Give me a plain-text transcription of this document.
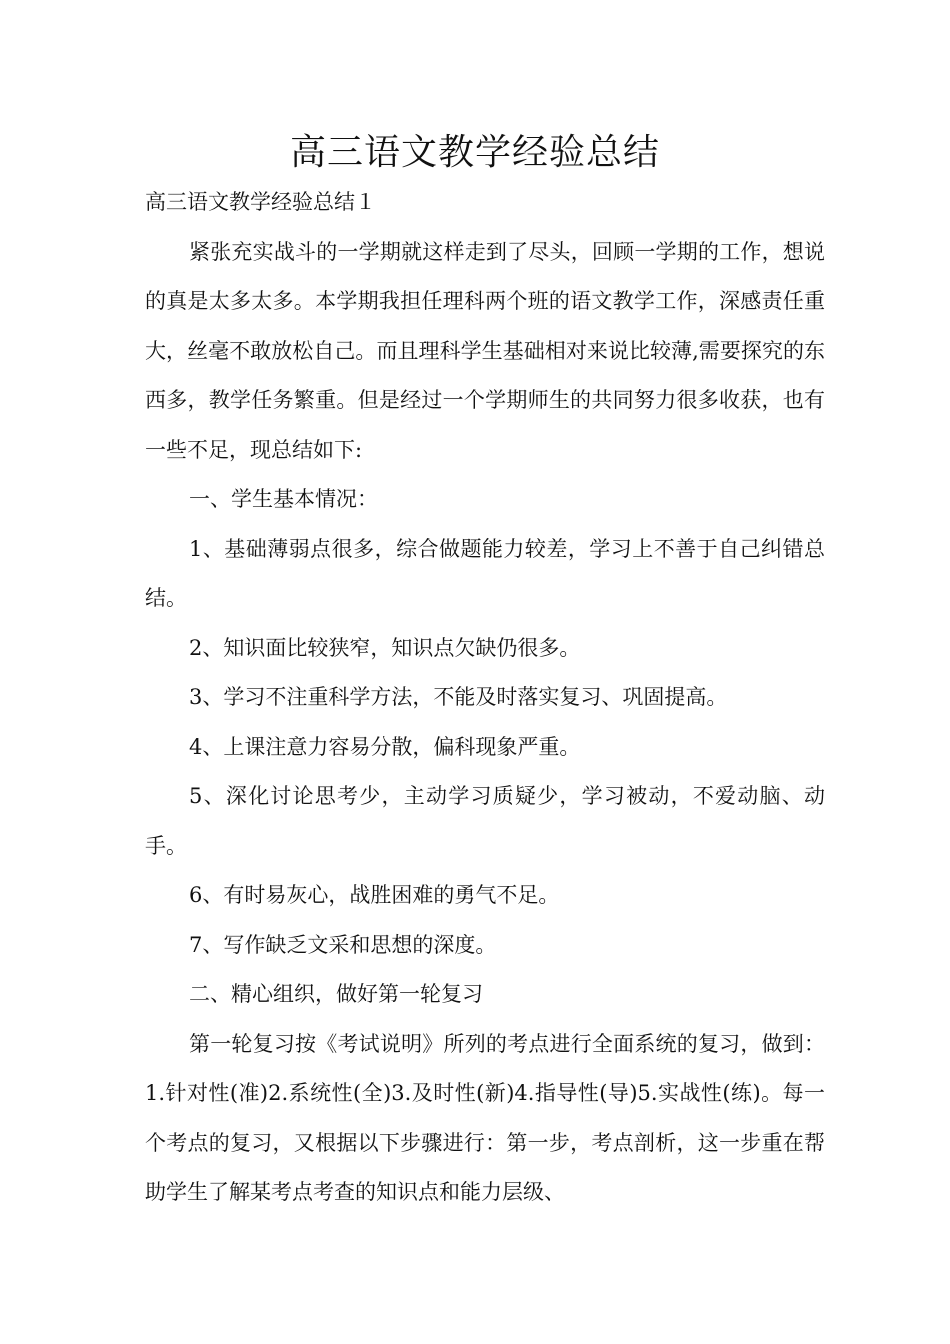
高三语文教学经验总结

高三语文教学经验总结１

紧张充实战斗的一学期就这样走到了尽头，回顾一学期的工作，想说的真是太多太多。本学期我担任理科两个班的语文教学工作，深感责任重大，丝毫不敢放松自己。而且理科学生基础相对来说比较薄,需要探究的东西多，教学任务繁重。但是经过一个学期师生的共同努力很多收获，也有一些不足，现总结如下:

一、学生基本情况：

1、基础薄弱点很多，综合做题能力较差，学习上不善于自己纠错总结。

2、知识面比较狭窄，知识点欠缺仍很多。

3、学习不注重科学方法，不能及时落实复习、巩固提高。

4、上课注意力容易分散，偏科现象严重。

5、深化讨论思考少，主动学习质疑少，学习被动，不爱动脑、动手。

6、有时易灰心，战胜困难的勇气不足。

7、写作缺乏文采和思想的深度。

二、精心组织，做好第一轮复习

第一轮复习按《考试说明》所列的考点进行全面系统的复习，做到：1.针对性(准)2.系统性(全)3.及时性(新)4.指导性(导)5.实战性(练)。每一个考点的复习，又根据以下步骤进行：第一步，考点剖析，这一步重在帮助学生了解某考点考查的知识点和能力层级、
